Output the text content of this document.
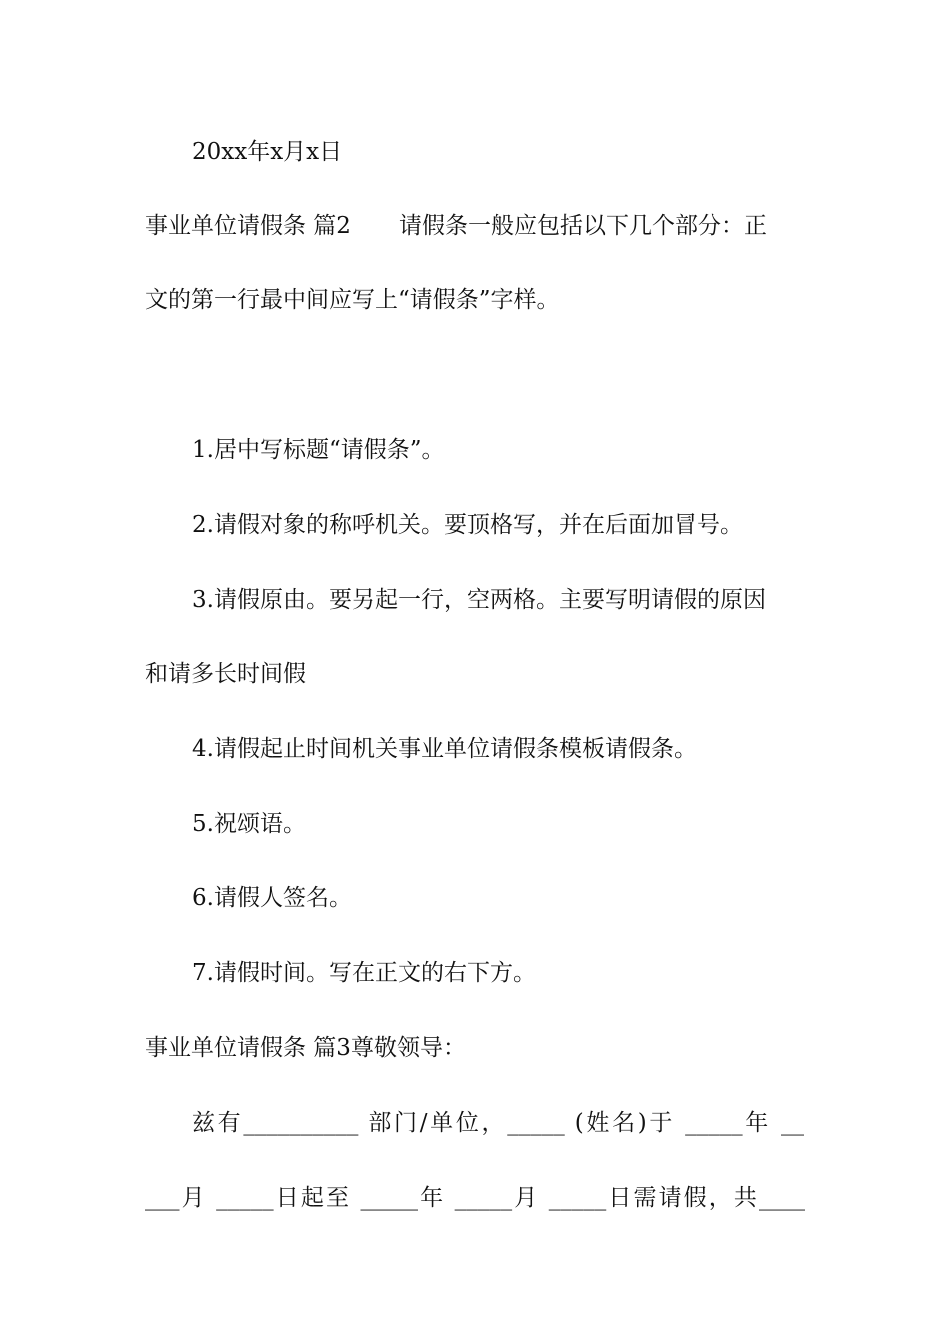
20xx年x月x日
事业单位请假条 篇2 请假条一般应包括以下几个部分：正
文的第一行最中间应写上“请假条”字样。
1.居中写标题“请假条”。
2.请假对象的称呼机关。要顶格写，并在后面加冒号。
3.请假原由。要另起一行，空两格。主要写明请假的原因
和请多长时间假
4.请假起止时间机关事业单位请假条模板请假条。
5.祝颂语。
6.请假人签名。
7.请假时间。写在正文的右下方。
事业单位请假条 篇3尊敬领导：
兹有__________ 部门/单位，_____ (姓名)于 _____年 __
___月 _____日起至 _____年 _____月 _____日需请假，共____
